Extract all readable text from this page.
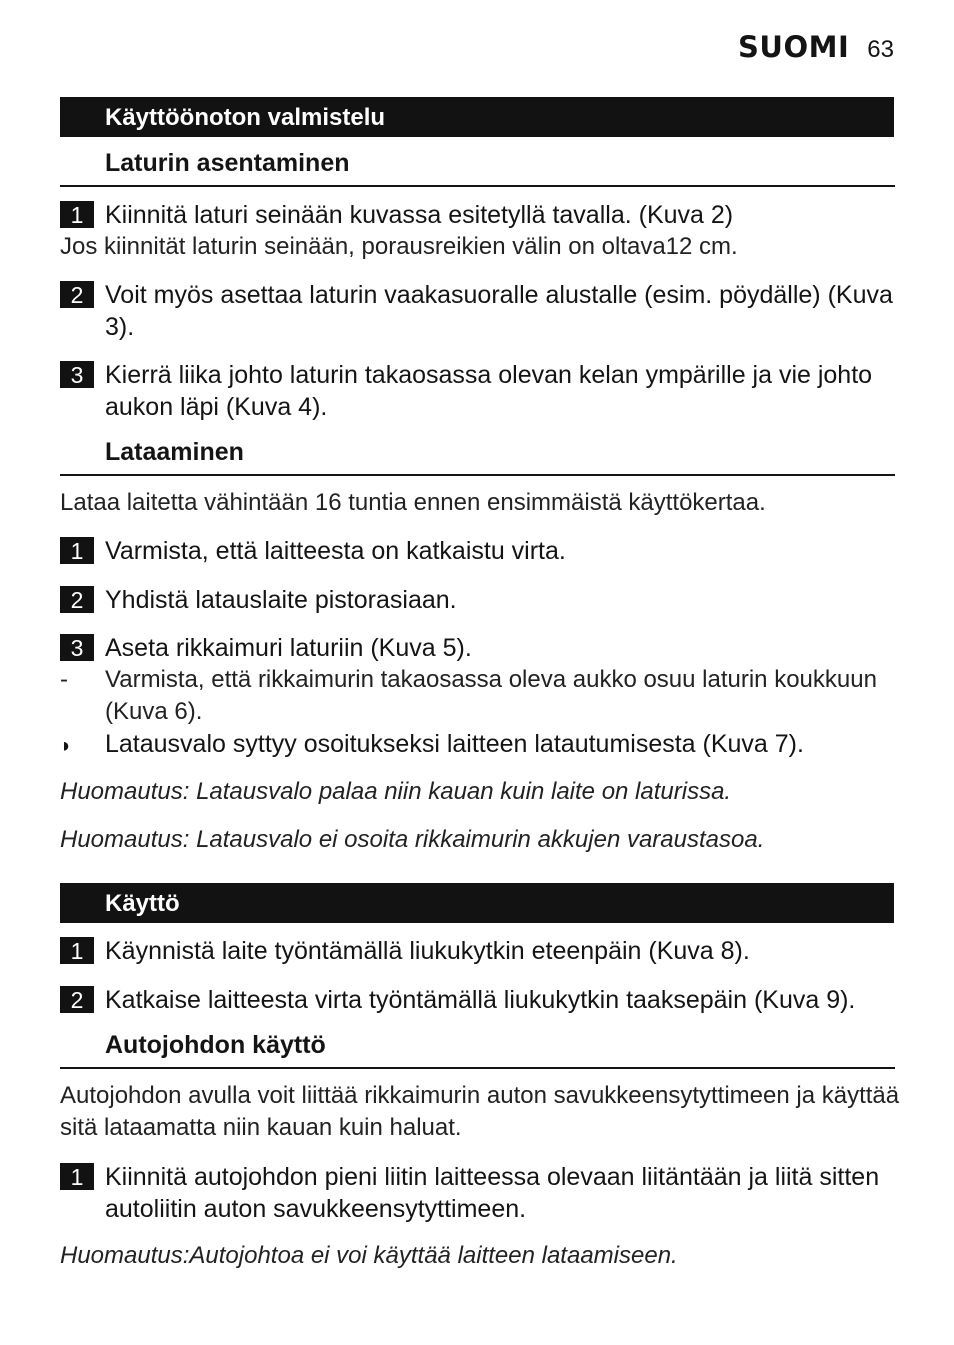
SUOMI 63
Käyttöönoton valmistelu
Laturin asentaminen
1 Kiinnitä laturi seinään kuvassa esitetyllä tavalla. (Kuva 2)
Jos kiinnität laturin seinään, porausreikien välin on oltava12 cm.
2 Voit myös asettaa laturin vaakasuoralle alustalle (esim. pöydälle) (Kuva 3).
3 Kierrä liika johto laturin takaosassa olevan kelan ympärille ja vie johto aukon läpi (Kuva 4).
Lataaminen
Lataa laitetta vähintään 16 tuntia ennen ensimmäistä käyttökertaa.
1 Varmista, että laitteesta on katkaistu virta.
2 Yhdistä latauslaite pistorasiaan.
3 Aseta rikkaimuri laturiin (Kuva 5).
- Varmista, että rikkaimurin takaosassa oleva aukko osuu laturin koukkuun (Kuva 6).
◗ Latausvalo syttyy osoitukseksi laitteen latautumisesta (Kuva 7).
Huomautus: Latausvalo palaa niin kauan kuin laite on laturissa.
Huomautus: Latausvalo ei osoita rikkaimurin akkujen varaustasoa.
Käyttö
1 Käynnistä laite työntämällä liukukytkin eteenpäin (Kuva 8).
2 Katkaise laitteesta virta työntämällä liukukytkin taaksepäin (Kuva 9).
Autojohdon käyttö
Autojohdon avulla voit liittää rikkaimurin auton savukkeensytyttimeen ja käyttää sitä lataamatta niin kauan kuin haluat.
1 Kiinnitä autojohdon pieni liitin laitteessa olevaan liitäntään ja liitä sitten autoliitin auton savukkeensytyttimeen.
Huomautus:Autojohtoa ei voi käyttää laitteen lataamiseen.
